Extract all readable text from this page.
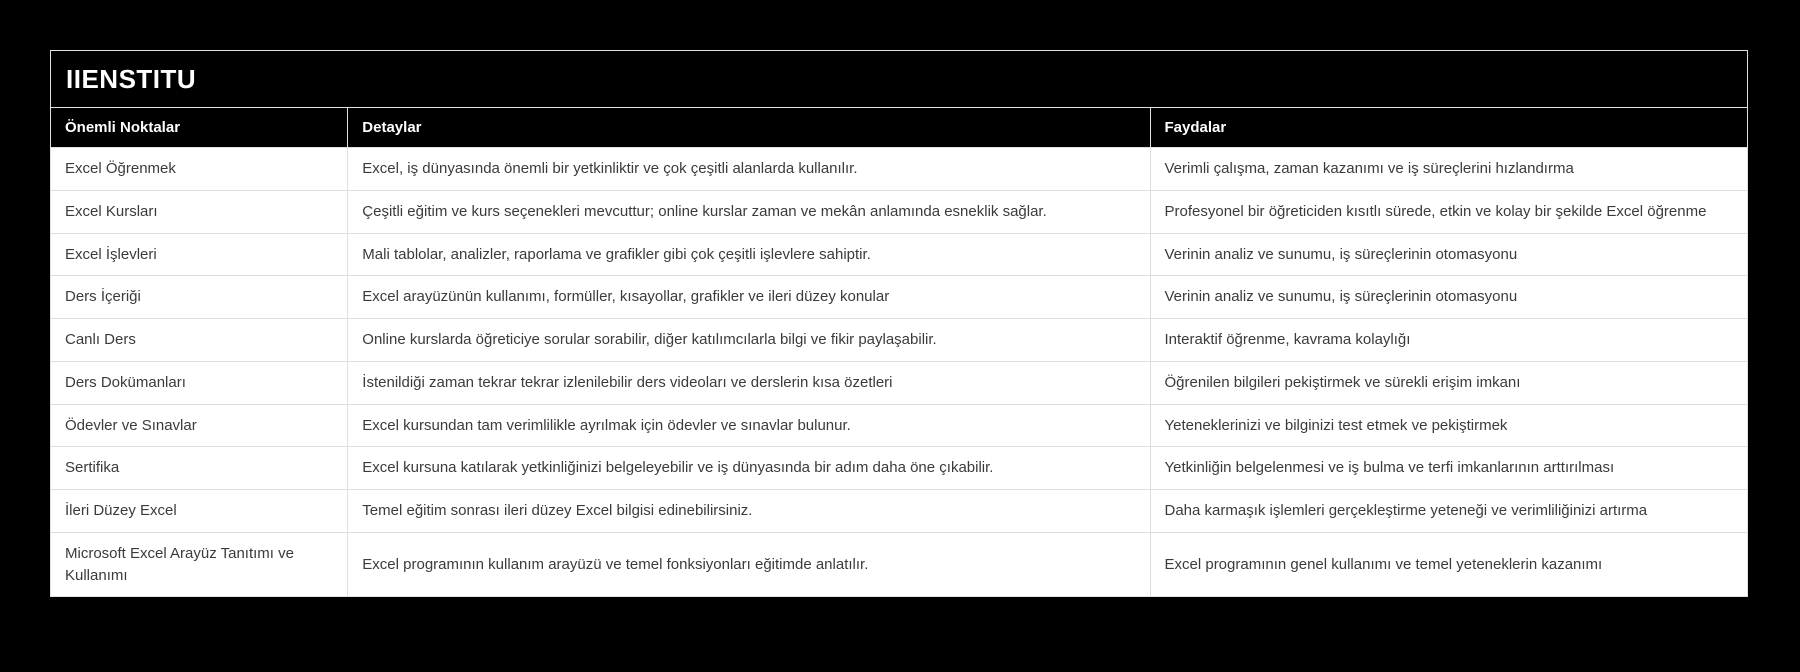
IIENSTITU
Önemli Noktalar	Detaylar	Faydalar
Excel Öğrenmek	Excel, iş dünyasında önemli bir yetkinliktir ve çok çeşitli alanlarda kullanılır.	Verimli çalışma, zaman kazanımı ve iş süreçlerini hızlandırma
Excel Kursları	Çeşitli eğitim ve kurs seçenekleri mevcuttur; online kurslar zaman ve mekân anlamında esneklik sağlar.	Profesyonel bir öğreticiden kısıtlı sürede, etkin ve kolay bir şekilde Excel öğrenme
Excel İşlevleri	Mali tablolar, analizler, raporlama ve grafikler gibi çok çeşitli işlevlere sahiptir.	Verinin analiz ve sunumu, iş süreçlerinin otomasyonu
Ders İçeriği	Excel arayüzünün kullanımı, formüller, kısayollar, grafikler ve ileri düzey konular	Verinin analiz ve sunumu, iş süreçlerinin otomasyonu
Canlı Ders	Online kurslarda öğreticiye sorular sorabilir, diğer katılımcılarla bilgi ve fikir paylaşabilir.	Interaktif öğrenme, kavrama kolaylığı
Ders Dokümanları	İstenildiği zaman tekrar tekrar izlenilebilir ders videoları ve derslerin kısa özetleri	Öğrenilen bilgileri pekiştirmek ve sürekli erişim imkanı
Ödevler ve Sınavlar	Excel kursundan tam verimlilikle ayrılmak için ödevler ve sınavlar bulunur.	Yeteneklerinizi ve bilginizi test etmek ve pekiştirmek
Sertifika	Excel kursuna katılarak yetkinliğinizi belgeleyebilir ve iş dünyasında bir adım daha öne çıkabilir.	Yetkinliğin belgelenmesi ve iş bulma ve terfi imkanlarının arttırılması
İleri Düzey Excel	Temel eğitim sonrası ileri düzey Excel bilgisi edinebilirsiniz.	Daha karmaşık işlemleri gerçekleştirme yeteneği ve verimliliğinizi artırma
Microsoft Excel Arayüz Tanıtımı ve Kullanımı	Excel programının kullanım arayüzü ve temel fonksiyonları eğitimde anlatılır.	Excel programının genel kullanımı ve temel yeteneklerin kazanımı
